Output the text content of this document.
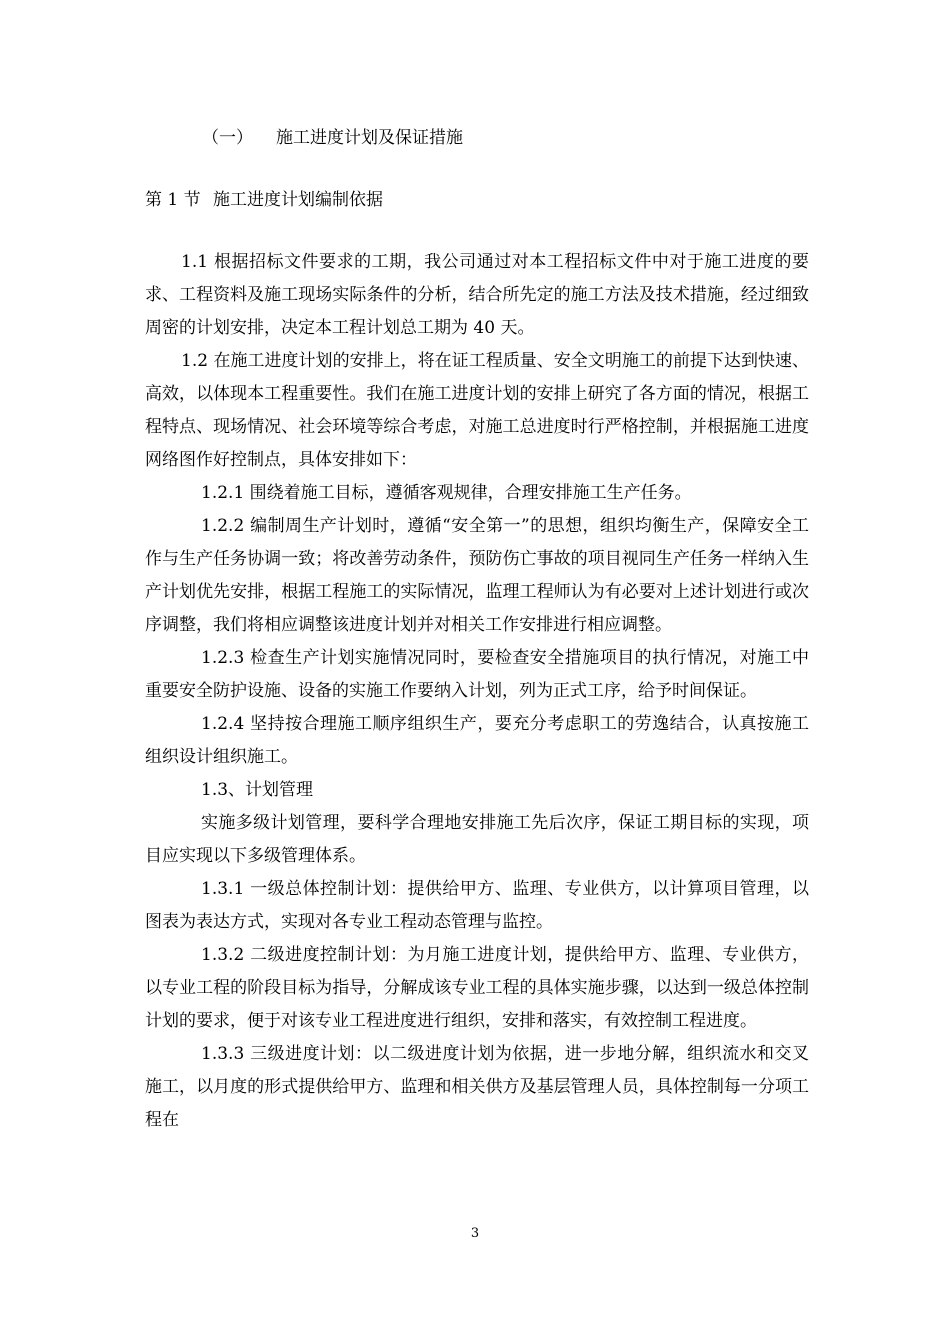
（一） 施工进度计划及保证措施
第 1 节 施工进度计划编制依据

1.1 根据招标文件要求的工期，我公司通过对本工程招标文件中对于施工进度的要求、工程资料及施工现场实际条件的分析，结合所先定的施工方法及技术措施，经过细致周密的计划安排，决定本工程计划总工期为 40 天。

1.2 在施工进度计划的安排上，将在证工程质量、安全文明施工的前提下达到快速、高效，以体现本工程重要性。我们在施工进度计划的安排上研究了各方面的情况，根据工程特点、现场情况、社会环境等综合考虑，对施工总进度时行严格控制，并根据施工进度网络图作好控制点，具体安排如下：

1.2.1 围绕着施工目标，遵循客观规律，合理安排施工生产任务。

1.2.2 编制周生产计划时，遵循“安全第一”的思想，组织均衡生产，保障安全工作与生产任务协调一致；将改善劳动条件，预防伤亡事故的项目视同生产任务一样纳入生产计划优先安排，根据工程施工的实际情况，监理工程师认为有必要对上述计划进行或次序调整，我们将相应调整该进度计划并对相关工作安排进行相应调整。

1.2.3 检查生产计划实施情况同时，要检查安全措施项目的执行情况，对施工中重要安全防护设施、设备的实施工作要纳入计划，列为正式工序，给予时间保证。

1.2.4 坚持按合理施工顺序组织生产，要充分考虑职工的劳逸结合，认真按施工组织设计组织施工。

1.3、计划管理

实施多级计划管理，要科学合理地安排施工先后次序，保证工期目标的实现，项目应实现以下多级管理体系。

1.3.1 一级总体控制计划：提供给甲方、监理、专业供方，以计算项目管理，以图表为表达方式，实现对各专业工程动态管理与监控。

1.3.2 二级进度控制计划：为月施工进度计划，提供给甲方、监理、专业供方，以专业工程的阶段目标为指导，分解成该专业工程的具体实施步骤，以达到一级总体控制计划的要求，便于对该专业工程进度进行组织，安排和落实，有效控制工程进度。

1.3.3 三级进度计划：以二级进度计划为依据，进一步地分解，组织流水和交叉施工，以月度的形式提供给甲方、监理和相关供方及基层管理人员，具体控制每一分项工程在

3
